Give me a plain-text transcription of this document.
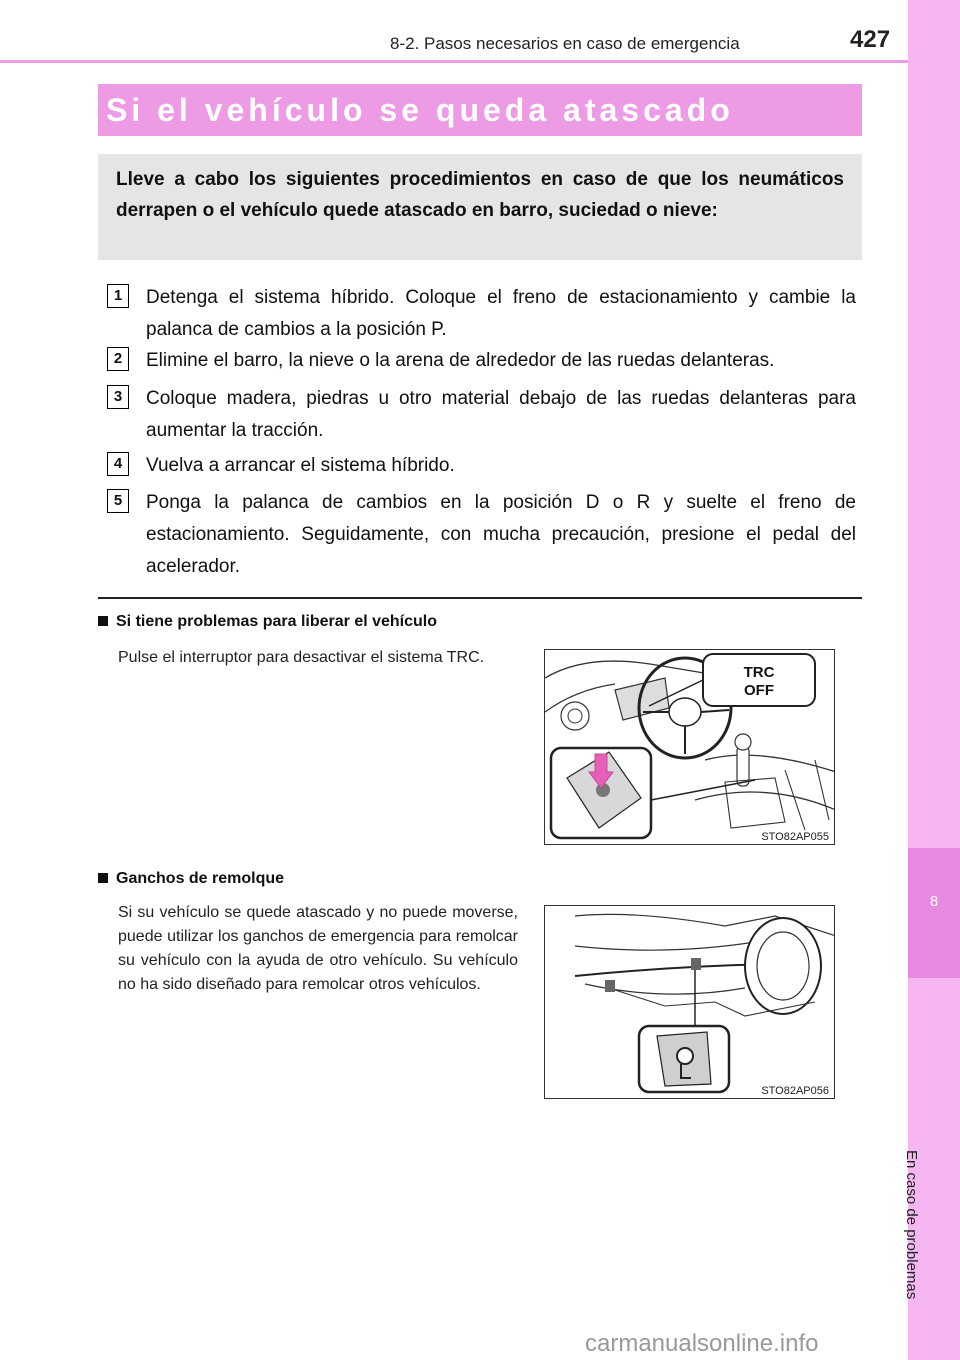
8
En caso de problemas
8-2. Pasos necesarios en caso de emergencia	427
Si el vehículo se queda atascado
Lleve a cabo los siguientes procedimientos en caso de que los neumáticos derrapen o el vehículo quede atascado en barro, suciedad o nieve:
1	Detenga el sistema híbrido. Coloque el freno de estacionamiento y cambie la palanca de cambios a la posición P.
2	Elimine el barro, la nieve o la arena de alrededor de las ruedas delanteras.
3	Coloque madera, piedras u otro material debajo de las ruedas delanteras para aumentar la tracción.
4	Vuelva a arrancar el sistema híbrido.
5	Ponga la palanca de cambios en la posición D o R y suelte el freno de estacionamiento. Seguidamente, con mucha precaución, presione el pedal del acelerador.
Si tiene problemas para liberar el vehículo
Pulse el interruptor para desactivar el sistema TRC.
TRC
OFF
STO82AP055
Ganchos de remolque
Si su vehículo se quede atascado y no puede moverse, puede utilizar los ganchos de emergencia para remolcar su vehículo con la ayuda de otro vehículo. Su vehículo no ha sido diseñado para remolcar otros vehículos.
STO82AP056
carmanualsonline.info
